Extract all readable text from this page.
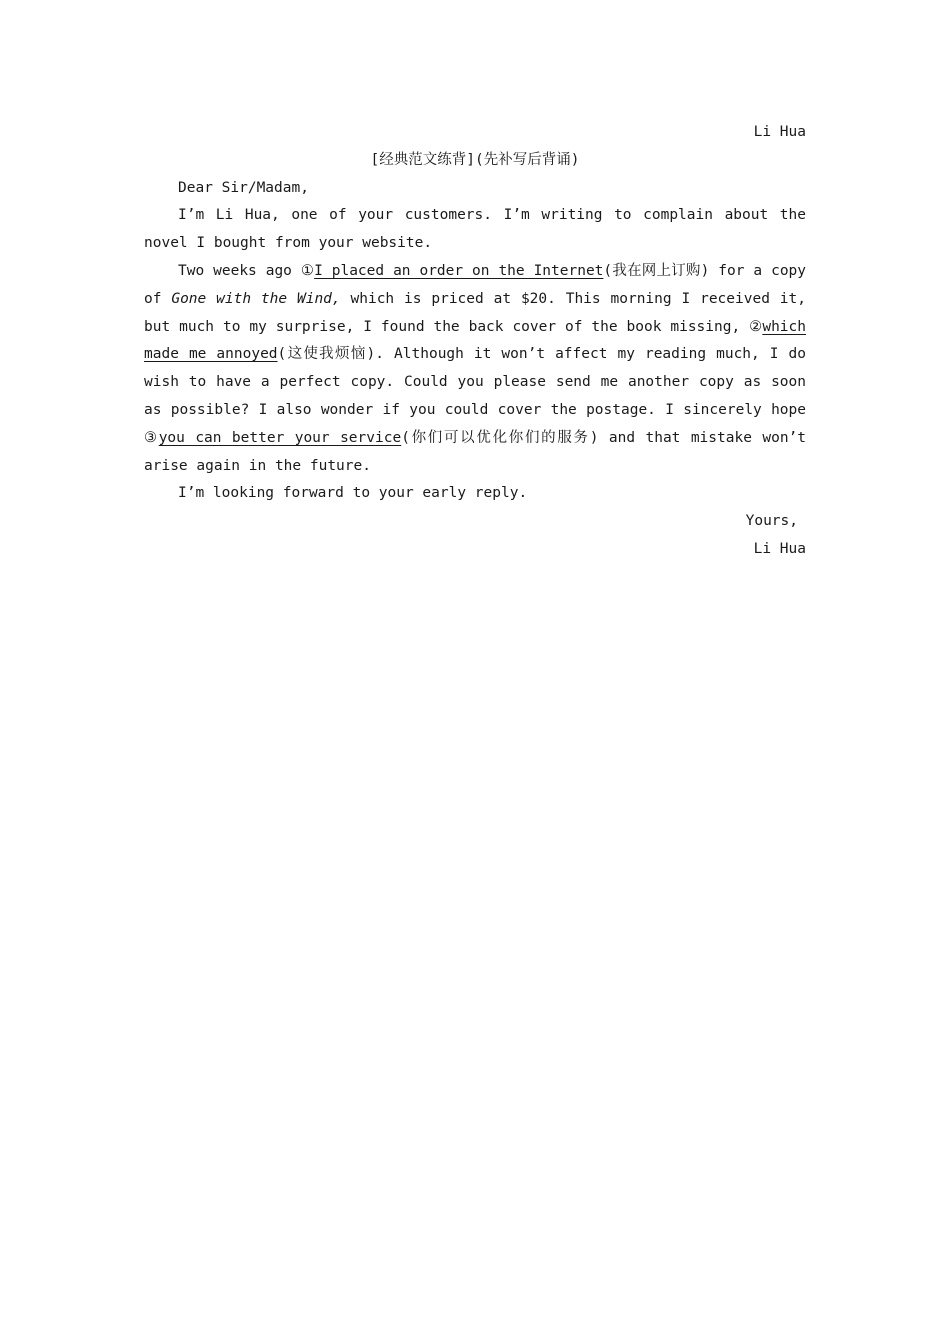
Li Hua

[经典范文练背](先补写后背诵)

Dear Sir/Madam,

I’m Li Hua, one of your customers. I’m writing to complain about the novel I bought from your website.

Two weeks ago ①I placed an order on the Internet(我在网上订购) for a copy of Gone with the Wind, which is priced at $20. This morning I received it, but much to my surprise, I found the back cover of the book missing, ②which made me annoyed(这使我烦恼). Although it won’t affect my reading much, I do wish to have a perfect copy. Could you please send me another copy as soon as possible? I also wonder if you could cover the postage. I sincerely hope ③you can better your service(你们可以优化你们的服务) and that mistake won’t arise again in the future.

I’m looking forward to your early reply.

Yours,

Li Hua
